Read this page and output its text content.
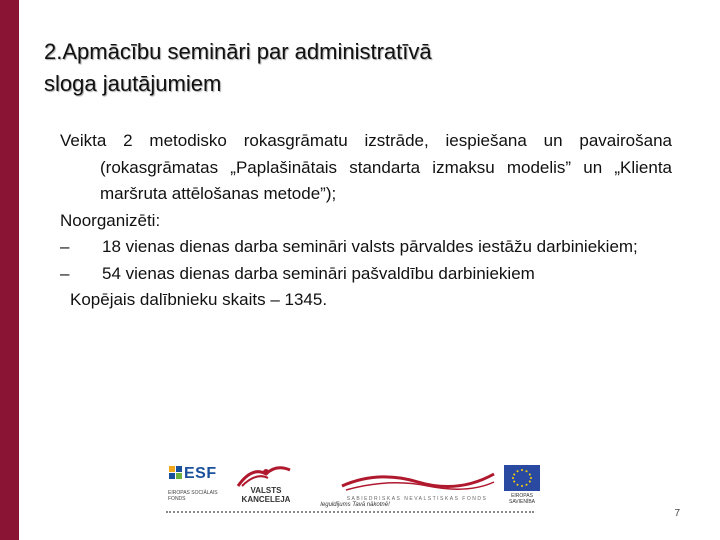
2.Apmācību semināri par administratīvā
sloga jautājumiem

Veikta 2 metodisko rokasgrāmatu izstrāde, iespiešana un pavairošana (rokasgrāmatas „Paplašinātais standarta izmaksu modelis” un „Klienta maršruta attēlošanas metode”);

Noorganizēti:

–	18 vienas dienas darba semināri valsts pārvaldes iestāžu darbiniekiem;
–	54 vienas dienas darba semināri pašvaldību darbiniekiem

Kopējais dalībnieku skaits – 1345.

ESF
EIROPAS SOCIĀLAIS FONDS
VALSTS
KANCELEJA	SABIEDRISKAS NEVALSTISKAS FONDS	EIROPAS SAVIENĪBA
Ieguldījums Tavā nākotnē!
7
